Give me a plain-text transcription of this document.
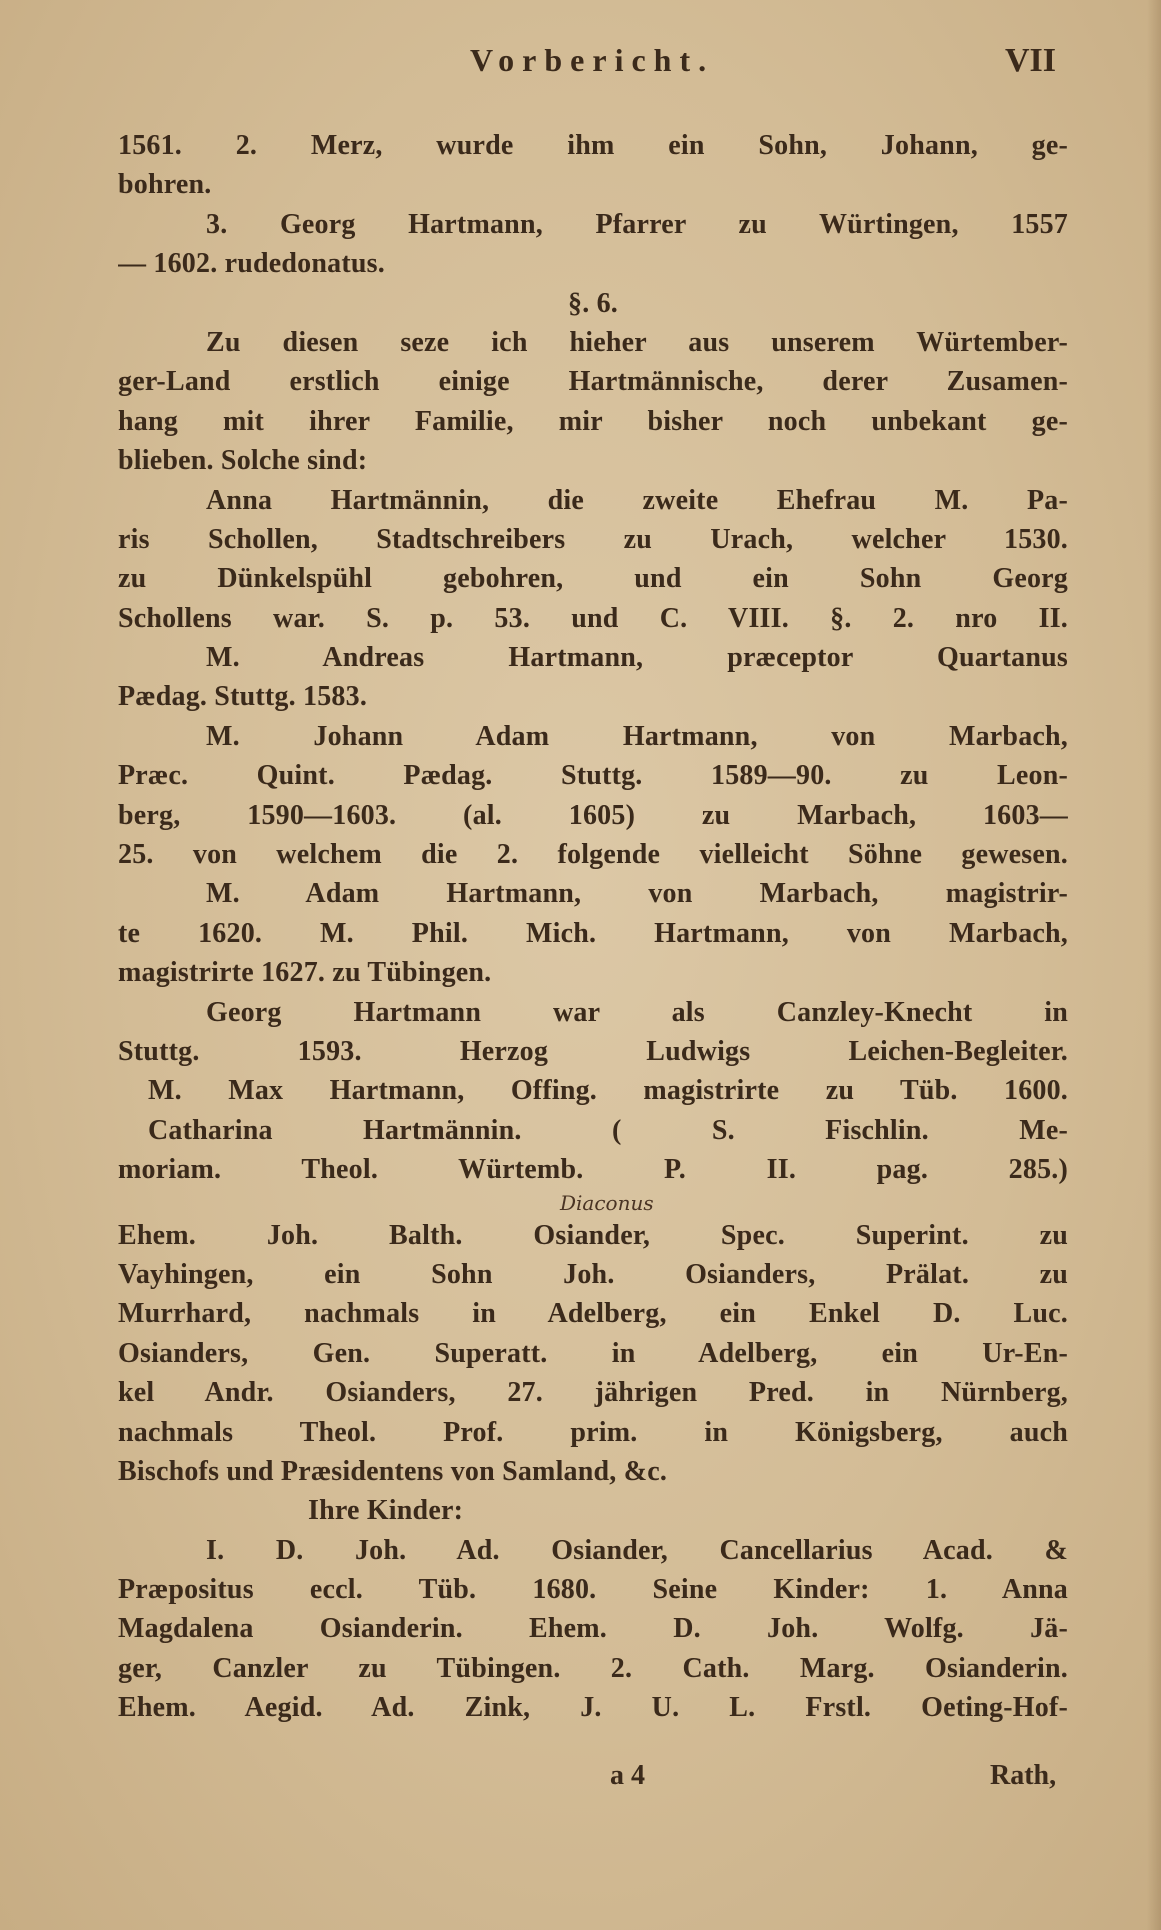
Vorbericht.	VII
1561. 2. Merz, wurde ihm ein Sohn, Johann, ge-
bohren.
3. Georg Hartmann, Pfarrer zu Würtingen, 1557
— 1602. rudedonatus.
§. 6.
Zu diesen seze ich hieher aus unserem Würtember-
ger-Land erstlich einige Hartmännische, derer Zusamen-
hang mit ihrer Familie, mir bisher noch unbekant ge-
blieben. Solche sind:
Anna Hartmännin, die zweite Ehefrau M. Pa-
ris Schollen, Stadtschreibers zu Urach, welcher 1530.
zu Dünkelspühl gebohren, und ein Sohn Georg
Schollens war. S. p. 53. und C. VIII. §. 2. nro II.
M. Andreas Hartmann, præceptor Quartanus
Pædag. Stuttg. 1583.
M. Johann Adam Hartmann, von Marbach,
Præc. Quint. Pædag. Stuttg. 1589—90. zu Leon-
berg, 1590—1603. (al. 1605) zu Marbach, 1603—
25. von welchem die 2. folgende vielleicht Söhne gewesen.
M. Adam Hartmann, von Marbach, magistrir-
te 1620. M. Phil. Mich. Hartmann, von Marbach,
magistrirte 1627. zu Tübingen.
Georg Hartmann war als Canzley-Knecht in
Stuttg. 1593. Herzog Ludwigs Leichen-Begleiter.
M. Max Hartmann, Offing. magistrirte zu Tüb. 1600.
Catharina Hartmännin. ( S. Fischlin. Me-
moriam. Theol. Würtemb. P. II. pag. 285.)
Ehem. Joh. Balth. Osiander, Spec. Superint. zu
Vayhingen, ein Sohn Joh. Osianders, Prälat. zu
Murrhard, nachmals in Adelberg, ein Enkel D. Luc.
Osianders, Gen. Superatt. in Adelberg, ein Ur-En-
kel Andr. Osianders, 27. jährigen Pred. in Nürnberg,
nachmals Theol. Prof. prim. in Königsberg, auch
Bischofs und Præsidentens von Samland, &c.
Ihre Kinder:
I. D. Joh. Ad. Osiander, Cancellarius Acad. &
Præpositus eccl. Tüb. 1680. Seine Kinder: 1. Anna
Magdalena Osianderin. Ehem. D. Joh. Wolfg. Jä-
ger, Canzler zu Tübingen. 2. Cath. Marg. Osianderin.
Ehem. Aegid. Ad. Zink, J. U. L. Frstl. Oeting-Hof-
Diaconus
a 4	Rath,
